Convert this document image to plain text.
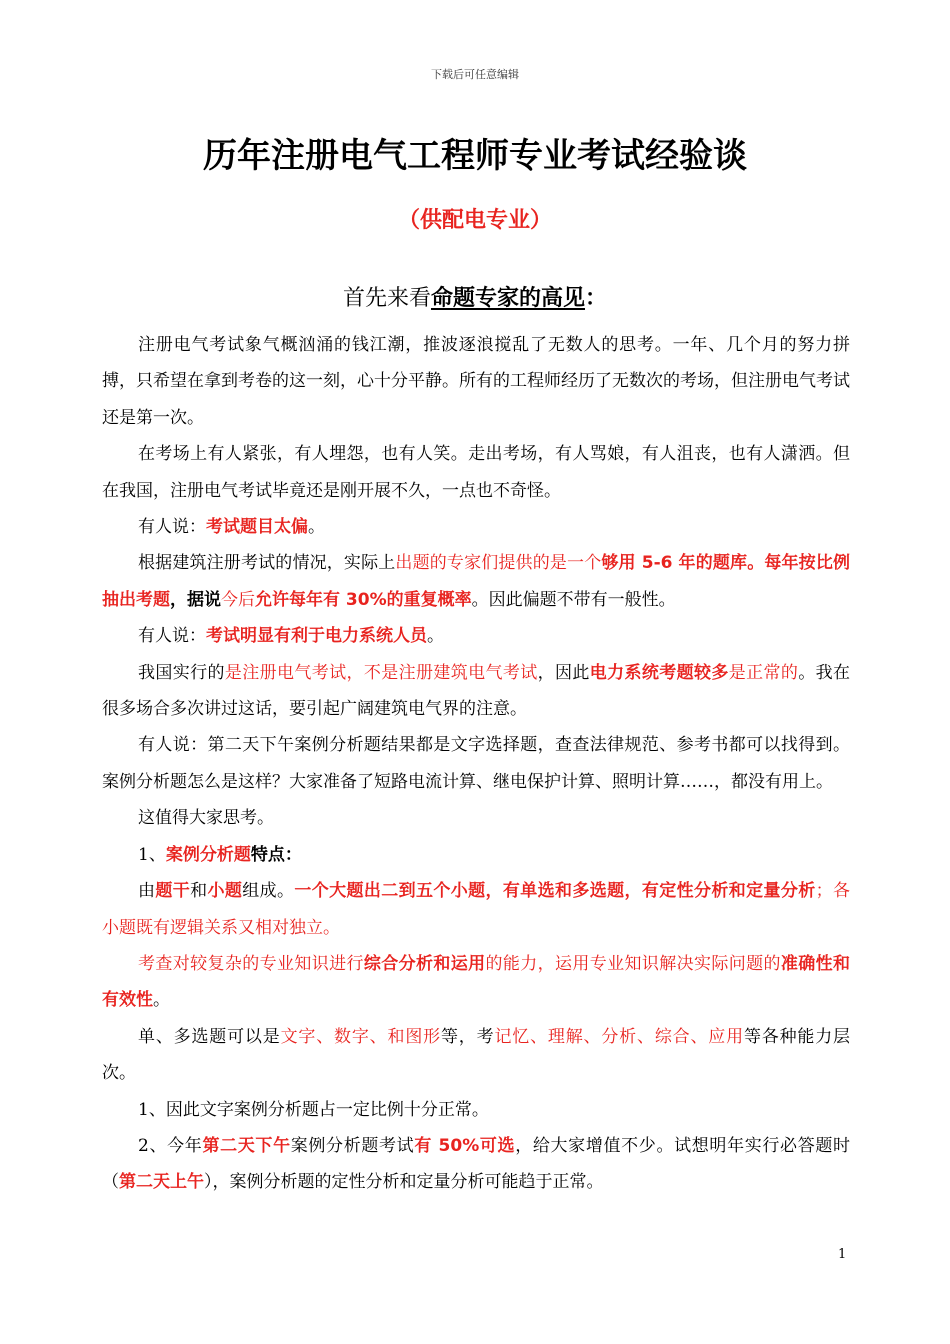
下载后可任意编辑
历年注册电气工程师专业考试经验谈
（供配电专业）
首先来看命题专家的高见：

注册电气考试象气概汹涌的钱江潮，推波逐浪搅乱了无数人的思考。一年、几个月的努力拼搏，只希望在拿到考卷的这一刻，心十分平静。所有的工程师经历了无数次的考场，但注册电气考试还是第一次。

在考场上有人紧张，有人埋怨，也有人笑。走出考场，有人骂娘，有人沮丧，也有人潇洒。但在我国，注册电气考试毕竟还是刚开展不久，一点也不奇怪。

有人说：考试题目太偏。

根据建筑注册考试的情况，实际上出题的专家们提供的是一个够用 5-6 年的题库。每年按比例抽出考题，据说今后允许每年有 30%的重复概率。因此偏题不带有一般性。

有人说：考试明显有利于电力系统人员。

我国实行的是注册电气考试，不是注册建筑电气考试，因此电力系统考题较多是正常的。我在很多场合多次讲过这话，要引起广阔建筑电气界的注意。

有人说：第二天下午案例分析题结果都是文字选择题，查查法律规范、参考书都可以找得到。案例分析题怎么是这样？大家准备了短路电流计算、继电保护计算、照明计算……，都没有用上。

这值得大家思考。

1、案例分析题特点：

由题干和小题组成。一个大题出二到五个小题，有单选和多选题，有定性分析和定量分析；各小题既有逻辑关系又相对独立。

考查对较复杂的专业知识进行综合分析和运用的能力，运用专业知识解决实际问题的准确性和有效性。

单、多选题可以是文字、数字、和图形等，考记忆、理解、分析、综合、应用等各种能力层次。

1、因此文字案例分析题占一定比例十分正常。

2、今年第二天下午案例分析题考试有 50%可选，给大家增值不少。试想明年实行必答题时（第二天上午），案例分析题的定性分析和定量分析可能趋于正常。

1
